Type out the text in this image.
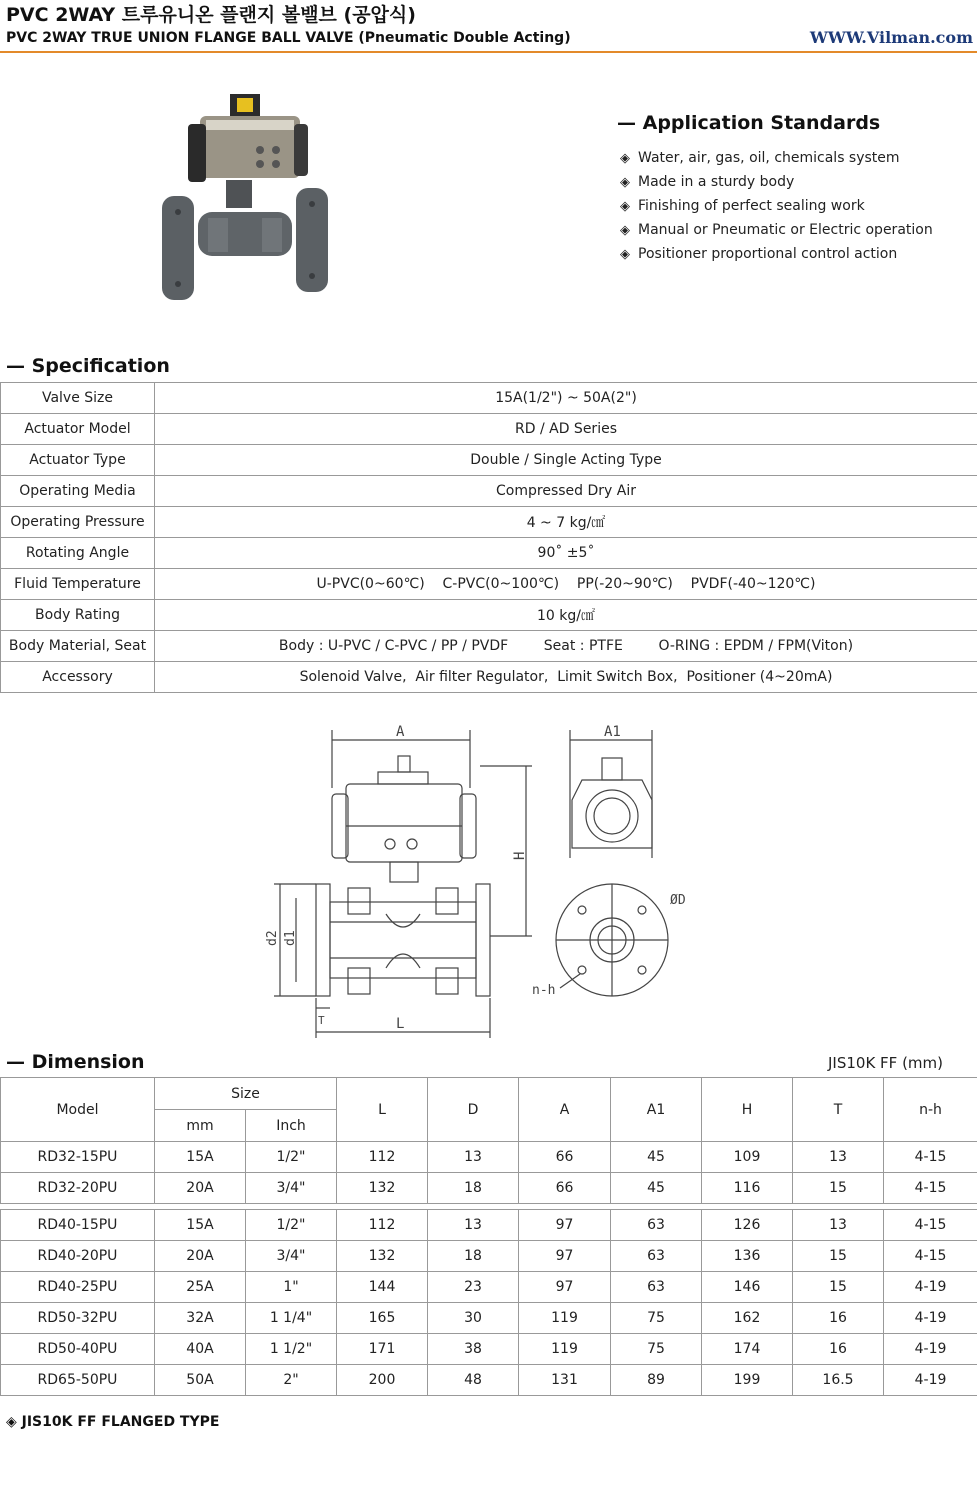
PVC 2WAY 트루유니온 플랜지 볼밸브 (공압식)
PVC 2WAY TRUE UNION FLANGE BALL VALVE (Pneumatic Double Acting)	WWW.Vilman.com
— Application Standards
◈ Water, air, gas, oil, chemicals system
◈ Made in a sturdy body
◈ Finishing of perfect sealing work
◈ Manual or Pneumatic or Electric operation
◈ Positioner proportional control action
— Specification
Valve Size	15A(1/2") ~ 50A(2")
Actuator Model	RD / AD Series
Actuator Type	Double / Single Acting Type
Operating Media	Compressed Dry Air
Operating Pressure	4 ~ 7 kg/㎠
Rotating Angle	90˚ ±5˚
Fluid Temperature	U-PVC(0~60℃)    C-PVC(0~100℃)    PP(-20~90℃)    PVDF(-40~120℃)
Body Rating	10 kg/㎠
Body Material, Seat	Body : U-PVC / C-PVC / PP / PVDF        Seat : PTFE        O-RING : EPDM / FPM(Viton)
Accessory	Solenoid Valve,  Air filter Regulator,  Limit Switch Box,  Positioner (4~20mA)
A
H
d2 d1
T	L
A1
ØD
n-h
— Dimension	JIS10K FF (mm)
Model	Size		L	D	A	A1	H	T	n-h
	mm	Inch							
RD32-15PU	15A	1/2"	112	13	66	45	109	13	4-15
RD32-20PU	20A	3/4"	132	18	66	45	116	15	4-15

RD40-15PU	15A	1/2"	112	13	97	63	126	13	4-15
RD40-20PU	20A	3/4"	132	18	97	63	136	15	4-15
RD40-25PU	25A	1"	144	23	97	63	146	15	4-19
RD50-32PU	32A	1 1/4"	165	30	119	75	162	16	4-19
RD50-40PU	40A	1 1/2"	171	38	119	75	174	16	4-19
RD65-50PU	50A	2"	200	48	131	89	199	16.5	4-19
◈ JIS10K FF FLANGED TYPE
